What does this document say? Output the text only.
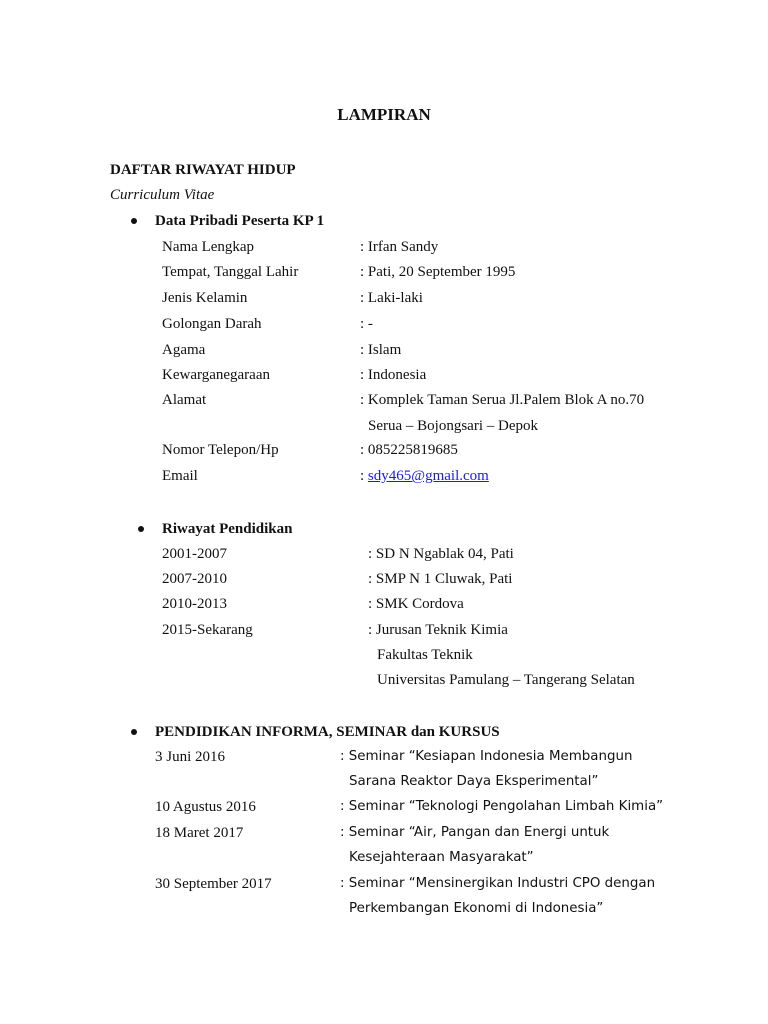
LAMPIRAN
DAFTAR RIWAYAT HIDUP
Curriculum Vitae
Data Pribadi Peserta KP 1
Nama Lengkap	: Irfan Sandy
Tempat, Tanggal Lahir	: Pati, 20 September 1995
Jenis Kelamin	: Laki-laki
Golongan Darah	: -
Agama	: Islam
Kewarganegaraan	: Indonesia
Alamat	: Komplek Taman Serua Jl.Palem Blok A no.70
Serua – Bojongsari – Depok
Nomor Telepon/Hp	: 085225819685
Email	: sdy465@gmail.com
Riwayat Pendidikan
2001-2007	: SD N Ngablak 04, Pati
2007-2010	: SMP N 1 Cluwak, Pati
2010-2013	: SMK Cordova
2015-Sekarang	: Jurusan Teknik Kimia
Fakultas Teknik
Universitas Pamulang – Tangerang Selatan
PENDIDIKAN INFORMA, SEMINAR dan KURSUS
3 Juni 2016	: Seminar “Kesiapan Indonesia Membangun
Sarana Reaktor Daya Eksperimental”
10 Agustus 2016	: Seminar “Teknologi Pengolahan Limbah Kimia”
18 Maret 2017	: Seminar “Air, Pangan dan Energi untuk
Kesejahteraan Masyarakat”
30 September 2017	: Seminar “Mensinergikan Industri CPO dengan
Perkembangan Ekonomi di Indonesia”
